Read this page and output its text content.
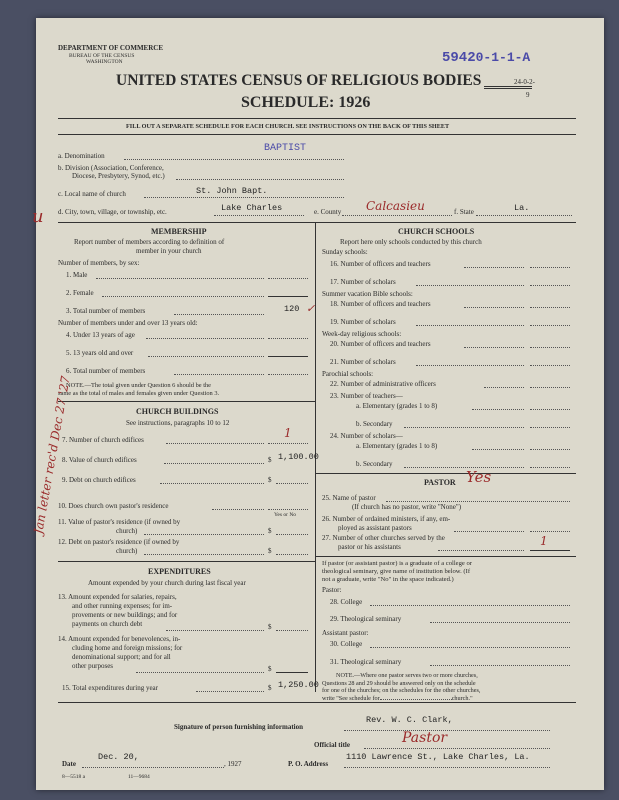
DEPARTMENT OF COMMERCE
BUREAU OF THE CENSUS
WASHINGTON	59420-1-1-A
24-0-2-
9
UNITED STATES CENSUS OF RELIGIOUS BODIES
SCHEDULE: 1926
FILL OUT A SEPARATE SCHEDULE FOR EACH CHURCH. SEE INSTRUCTIONS ON THE BACK OF THIS SHEET
a. Denomination
BAPTIST
b. Division (Association, Conference,
Diocese, Presbytery, Synod, etc.)
c. Local name of church	St. John Bapt.
u d. City, town, village, or township, etc.	Lake Charles	e. County Calcasieu	f. State	La.
MEMBERSHIP
Report number of members according to definition of
member in your church
Number of members, by sex:
1. Male
2. Female
3. Total number of members	120 ✓
Number of members under and over 13 years old:
4. Under 13 years of age
5. 13 years old and over
6. Total number of members
NOTE.—The total given under Question 6 should be the
same as the total of males and females given under Question 3.
CHURCH BUILDINGS
See instructions, paragraphs 10 to 12
7. Number of church edifices	1
8. Value of church edifices	$ 1,100.00
9. Debt on church edifices	$
10. Does church own pastor's residence
Yes or No
11. Value of pastor's residence (if owned by
church)	$
12. Debt on pastor's residence (if owned by
church)	$
EXPENDITURES
Amount expended by your church during last fiscal year
13. Amount expended for salaries, repairs,
and other running expenses; for im-
provements or new buildings; and for
payments on church debt	$
14. Amount expended for benevolences, in-
cluding home and foreign missions; for
denominational support; and for all
other purposes	$
15. Total expenditures during year	$ 1,250.00
CHURCH SCHOOLS
Report here only schools conducted by this church
Sunday schools:
16. Number of officers and teachers
17. Number of scholars
Summer vacation Bible schools:
18. Number of officers and teachers
19. Number of scholars
Week-day religious schools:
20. Number of officers and teachers
21. Number of scholars
Parochial schools:
22. Number of administrative officers
23. Number of teachers—
a. Elementary (grades 1 to 8)
b. Secondary
24. Number of scholars—
a. Elementary (grades 1 to 8)
b. Secondary
PASTOR Yes
25. Name of pastor
(If church has no pastor, write "None")
26. Number of ordained ministers, if any, em-
ployed as assistant pastors
27. Number of other churches served by the
pastor or his assistants	1
If pastor (or assistant pastor) is a graduate of a college or
theological seminary, give name of institution below. (If
not a graduate, write "No" in the space indicated.)
Pastor:
28. College
29. Theological seminary
Assistant pastor:
30. College
31. Theological seminary
NOTE.—Where one pastor serves two or more churches,
Questions 28 and 29 should be answered only on the schedule
for one of the churches; on the schedules for the other churches,
write "See schedule for	church."
Signature of person furnishing information
Rev. W. C. Clark,
Official title	Pastor
Date
Dec. 20,
, 1927	P. O. Address
1110 Lawrence St., Lake Charles, La.
8—5518 a	11—9684
Jan letter rec'd Dec 27 '27
